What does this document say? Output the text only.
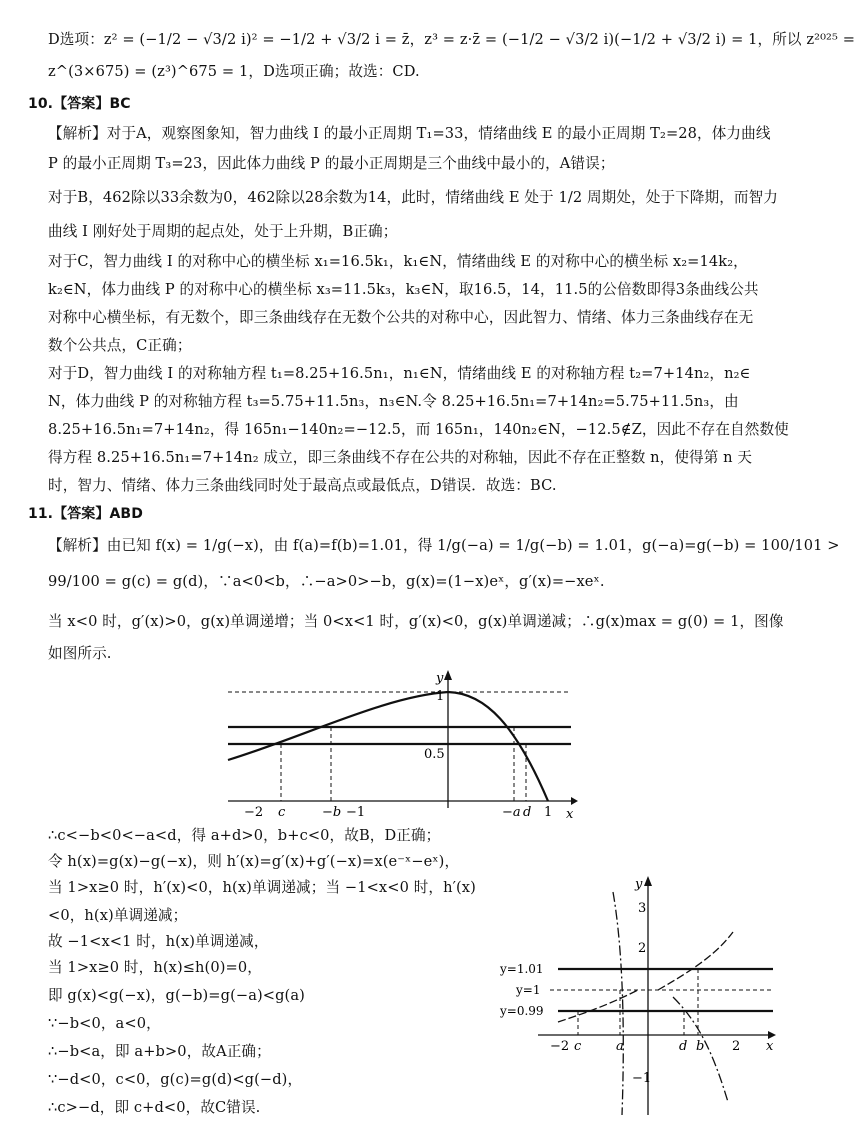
D选项：z² = (−1/2 − √3/2 i)² = −1/2 + √3/2 i = z̄，z³ = z·z̄ = (−1/2 − √3/2 i)(−1/2 + √3/2 i) = 1，所以 z²⁰²⁵ =
z^(3×675) = (z³)^675 = 1，D选项正确；故选：CD.
10.【答案】BC
【解析】对于A，观察图象知，智力曲线 I 的最小正周期 T₁=33，情绪曲线 E 的最小正周期 T₂=28，体力曲线
P 的最小正周期 T₃=23，因此体力曲线 P 的最小正周期是三个曲线中最小的，A错误；
对于B，462除以33余数为0，462除以28余数为14，此时，情绪曲线 E 处于 1/2 周期处，处于下降期，而智力
曲线 I 刚好处于周期的起点处，处于上升期，B正确；
对于C，智力曲线 I 的对称中心的横坐标 x₁=16.5k₁，k₁∈N，情绪曲线 E 的对称中心的横坐标 x₂=14k₂，
k₂∈N，体力曲线 P 的对称中心的横坐标 x₃=11.5k₃，k₃∈N，取16.5，14，11.5的公倍数即得3条曲线公共
对称中心横坐标，有无数个，即三条曲线存在无数个公共的对称中心，因此智力、情绪、体力三条曲线存在无
数个公共点，C正确；
对于D，智力曲线 I 的对称轴方程 t₁=8.25+16.5n₁，n₁∈N，情绪曲线 E 的对称轴方程 t₂=7+14n₂，n₂∈
N，体力曲线 P 的对称轴方程 t₃=5.75+11.5n₃，n₃∈N.令 8.25+16.5n₁=7+14n₂=5.75+11.5n₃，由
8.25+16.5n₁=7+14n₂，得 165n₁−140n₂=−12.5，而 165n₁，140n₂∈N，−12.5∉Z，因此不存在自然数使
得方程 8.25+16.5n₁=7+14n₂ 成立，即三条曲线不存在公共的对称轴，因此不存在正整数 n，使得第 n 天
时，智力、情绪、体力三条曲线同时处于最高点或最低点，D错误．故选：BC.
11.【答案】ABD
【解析】由已知 f(x) = 1/g(−x)，由 f(a)=f(b)=1.01，得 1/g(−a) = 1/g(−b) = 1.01，g(−a)=g(−b) = 100/101 >
99/100 = g(c) = g(d)，∵a<0<b，∴−a>0>−b，g(x)=(1−x)eˣ，g′(x)=−xeˣ.
当 x<0 时，g′(x)>0，g(x)单调递增；当 0<x<1 时，g′(x)<0，g(x)单调递减；∴g(x)max = g(0) = 1，图像
如图所示.
y
x
1
0.5
−2 c	−b −1	−a d 1
∴c<−b<0<−a<d，得 a+d>0，b+c<0，故B，D正确；
令 h(x)=g(x)−g(−x)，则 h′(x)=g′(x)+g′(−x)=x(e⁻ˣ−eˣ)，
当 1>x≥0 时，h′(x)<0，h(x)单调递减；当 −1<x<0 时，h′(x)
<0，h(x)单调递减；
故 −1<x<1 时，h(x)单调递减，
当 1>x≥0 时，h(x)≤h(0)=0，
即 g(x)<g(−x)，g(−b)=g(−a)<g(a)
∵−b<0，a<0，
∴−b<a，即 a+b>0，故A正确；
∵−d<0，c<0，g(c)=g(d)<g(−d)，
∴c>−d，即 c+d<0，故C错误.
y
x
3
2
−1
−2 c	a	d b 2
y=1.01
y=1
y=0.99
